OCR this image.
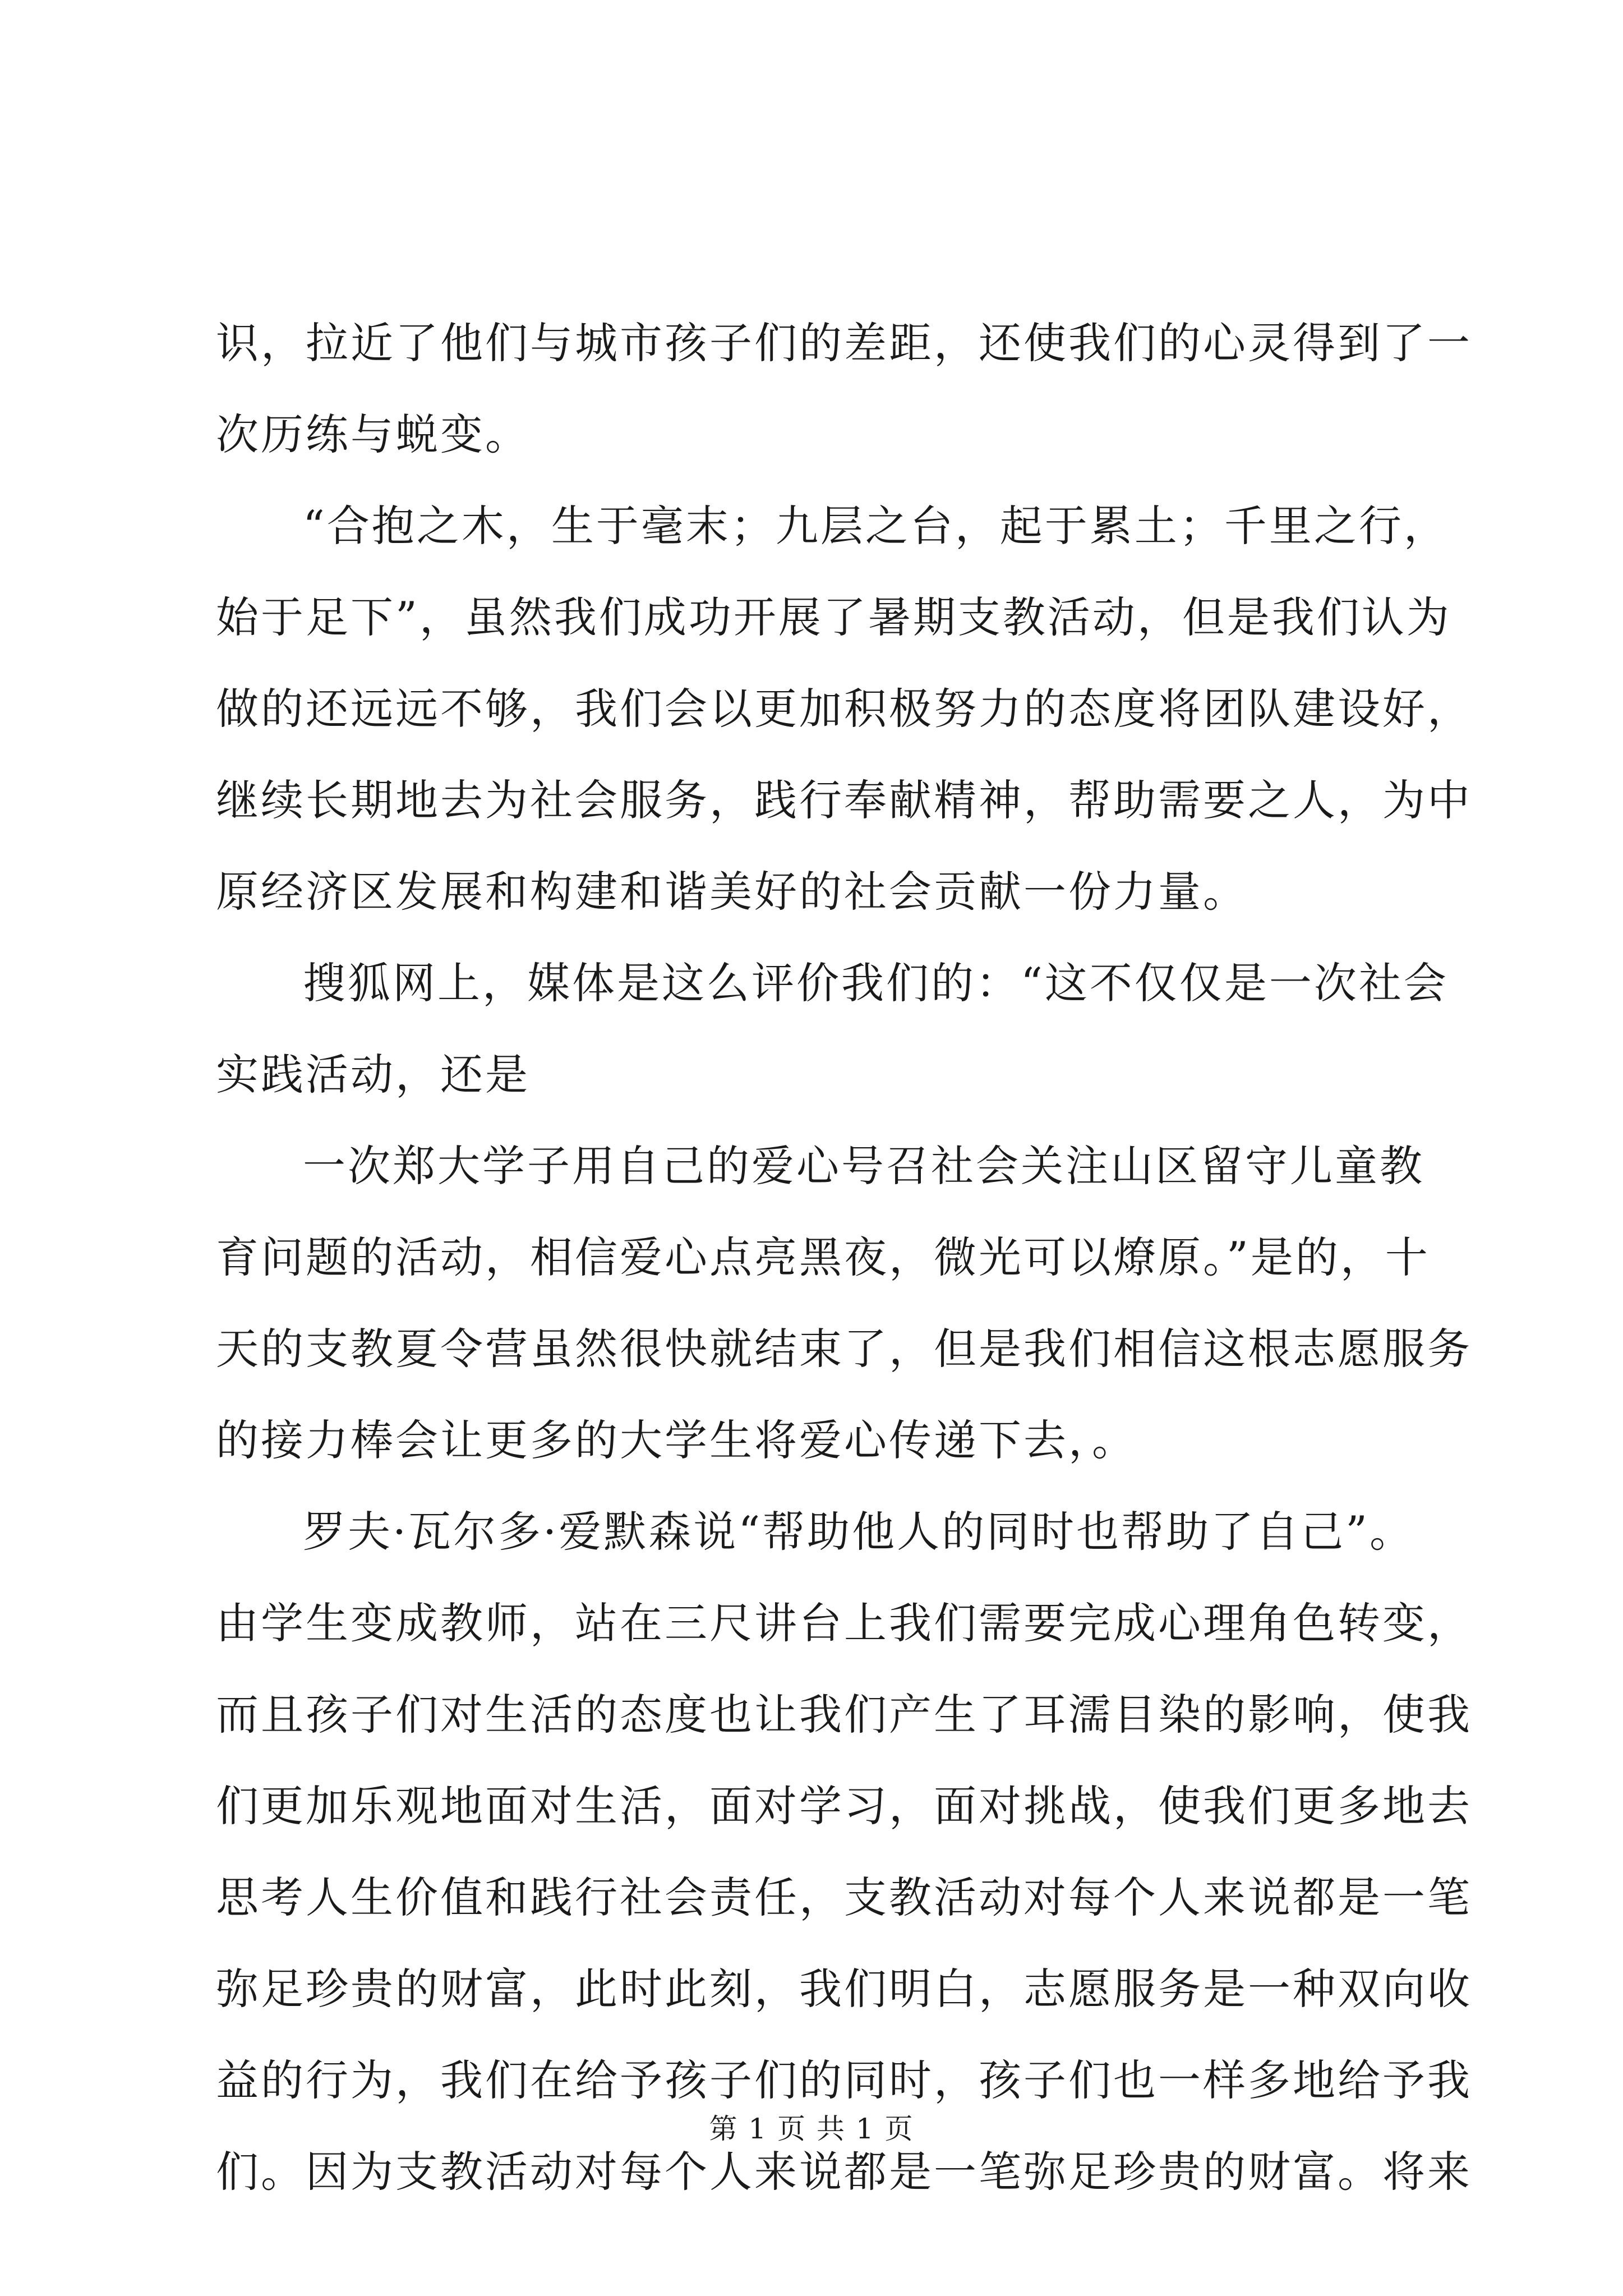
识，拉近了他们与城市孩子们的差距，还使我们的心灵得到了一
次历练与蜕变。
“合抱之木，生于毫末；九层之台，起于累土；千里之行，
始于足下”，虽然我们成功开展了暑期支教活动，但是我们认为
做的还远远不够，我们会以更加积极努力的态度将团队建设好，
继续长期地去为社会服务，践行奉献精神，帮助需要之人，为中
原经济区发展和构建和谐美好的社会贡献一份力量。
搜狐网上，媒体是这么评价我们的：“这不仅仅是一次社会
实践活动，还是
一次郑大学子用自己的爱心号召社会关注山区留守儿童教
育问题的活动，相信爱心点亮黑夜，微光可以燎原。”是的，十
天的支教夏令营虽然很快就结束了，但是我们相信这根志愿服务
的接力棒会让更多的大学生将爱心传递下去，。
罗夫·瓦尔多·爱默森说“帮助他人的同时也帮助了自己”。
由学生变成教师，站在三尺讲台上我们需要完成心理角色转变，
而且孩子们对生活的态度也让我们产生了耳濡目染的影响，使我
们更加乐观地面对生活，面对学习，面对挑战，使我们更多地去
思考人生价值和践行社会责任，支教活动对每个人来说都是一笔
弥足珍贵的财富，此时此刻，我们明白，志愿服务是一种双向收
益的行为，我们在给予孩子们的同时，孩子们也一样多地给予我
们。因为支教活动对每个人来说都是一笔弥足珍贵的财富。将来
第 1 页 共 1 页
